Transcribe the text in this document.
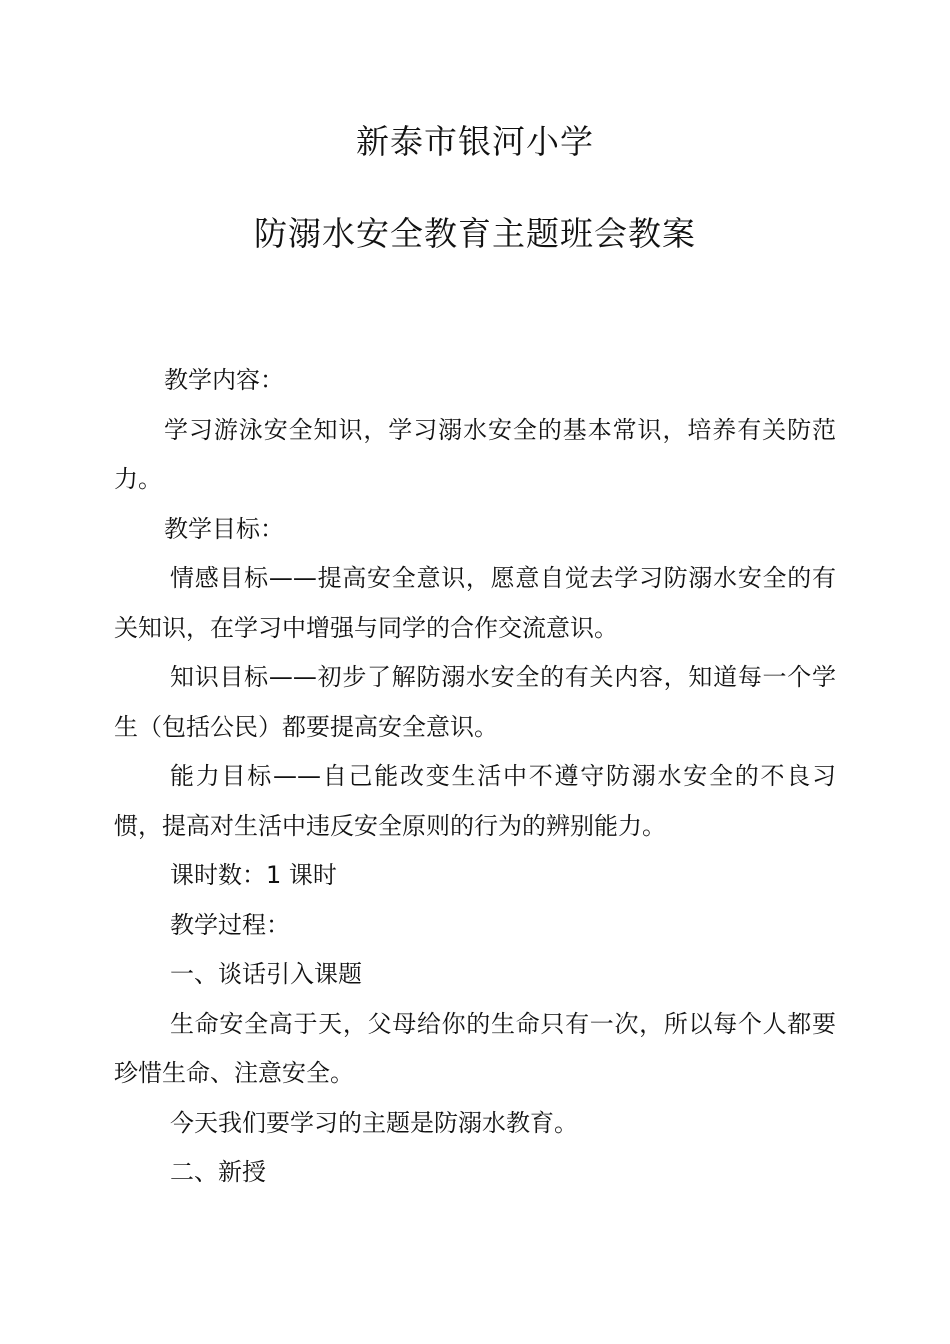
新泰市银河小学
防溺水安全教育主题班会教案

教学内容：

学习游泳安全知识，学习溺水安全的基本常识，培养有关防范力。

教学目标：

情感目标——提高安全意识，愿意自觉去学习防溺水安全的有关知识，在学习中增强与同学的合作交流意识。

知识目标——初步了解防溺水安全的有关内容，知道每一个学生（包括公民）都要提高安全意识。

能力目标——自己能改变生活中不遵守防溺水安全的不良习惯，提高对生活中违反安全原则的行为的辨别能力。

课时数：1 课时

教学过程：

一、谈话引入课题

生命安全高于天，父母给你的生命只有一次，所以每个人都要珍惜生命、注意安全。

今天我们要学习的主题是防溺水教育。

二、新授
